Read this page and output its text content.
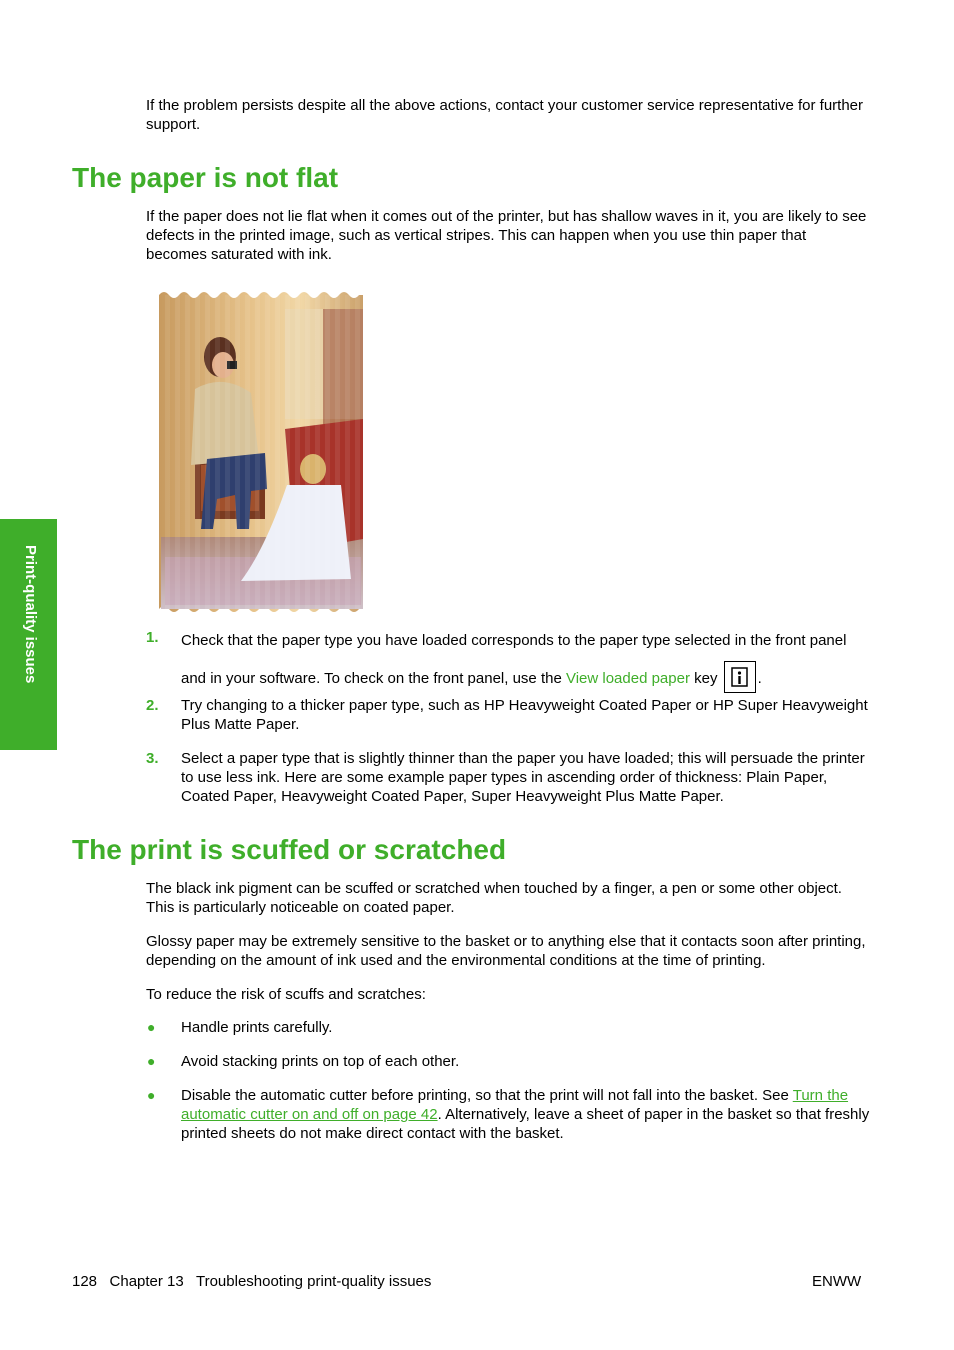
Print-quality issues

If the problem persists despite all the above actions, contact your customer service representative for further support.

The paper is not flat

If the paper does not lie flat when it comes out of the printer, but has shallow waves in it, you are likely to see defects in the printed image, such as vertical stripes. This can happen when you use thin paper that becomes saturated with ink.

1. Check that the paper type you have loaded corresponds to the paper type selected in the front panel and in your software. To check on the front panel, use the View loaded paper key	.
2. Try changing to a thicker paper type, such as HP Heavyweight Coated Paper or HP Super Heavyweight Plus Matte Paper.
3. Select a paper type that is slightly thinner than the paper you have loaded; this will persuade the printer to use less ink. Here are some example paper types in ascending order of thickness: Plain Paper, Coated Paper, Heavyweight Coated Paper, Super Heavyweight Plus Matte Paper.
The print is scuffed or scratched

The black ink pigment can be scuffed or scratched when touched by a finger, a pen or some other object. This is particularly noticeable on coated paper.

Glossy paper may be extremely sensitive to the basket or to anything else that it contacts soon after printing, depending on the amount of ink used and the environmental conditions at the time of printing.

To reduce the risk of scuffs and scratches:

● Handle prints carefully.
● Avoid stacking prints on top of each other.
● Disable the automatic cutter before printing, so that the print will not fall into the basket. See Turn the automatic cutter on and off on page 42. Alternatively, leave a sheet of paper in the basket so that freshly printed sheets do not make direct contact with the basket.
128   Chapter 13   Troubleshooting print-quality issues	ENWW
